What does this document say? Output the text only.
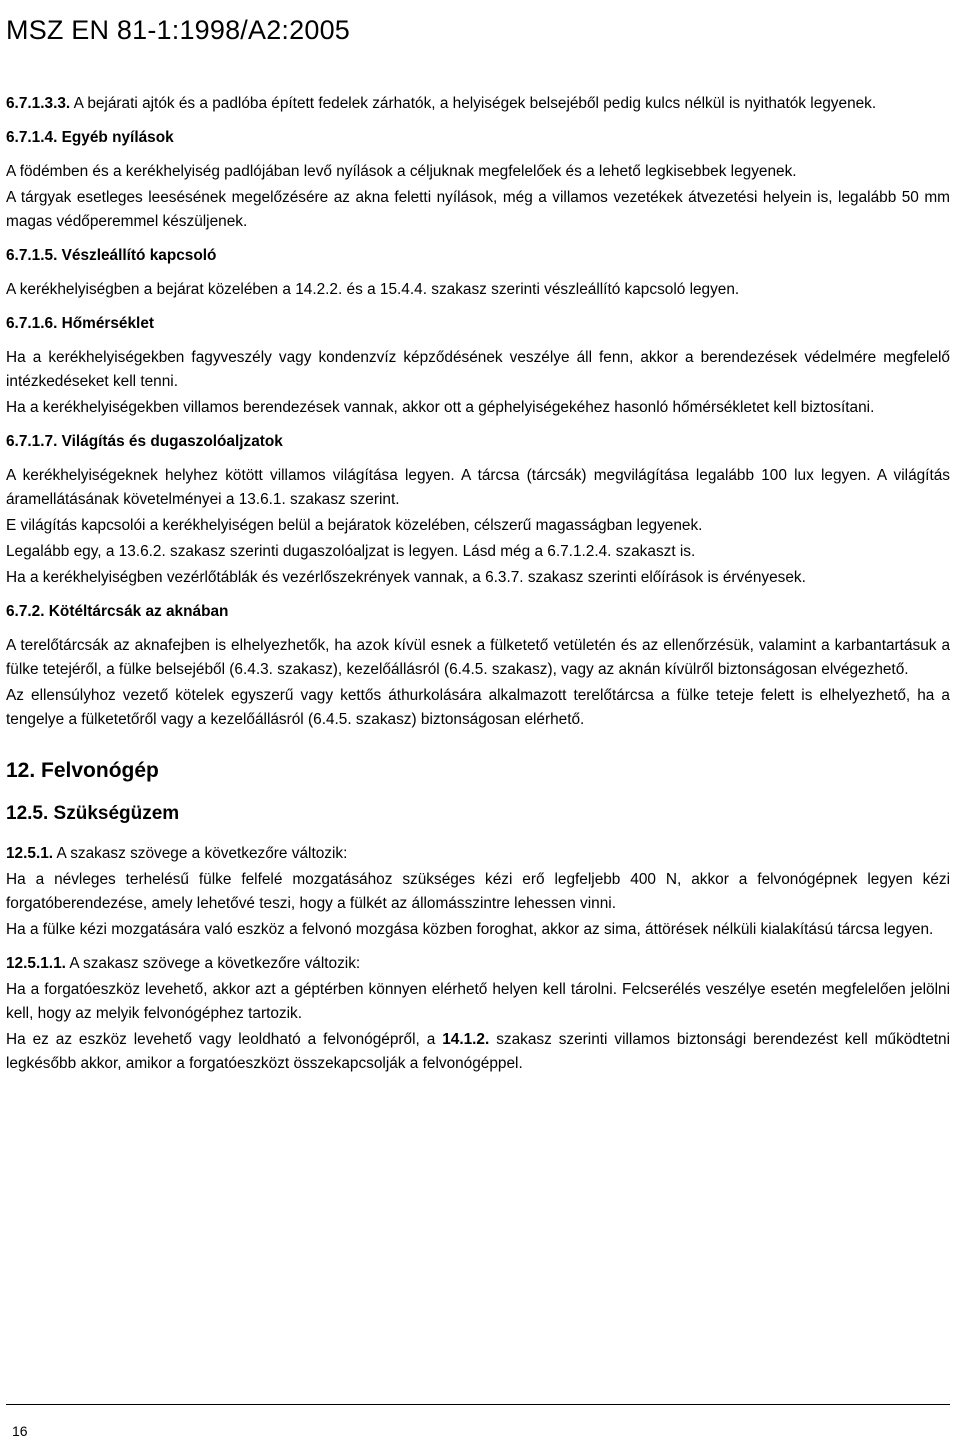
MSZ EN 81-1:1998/A2:2005

6.7.1.3.3. A bejárati ajtók és a padlóba épített fedelek zárhatók, a helyiségek belsejéből pedig kulcs nélkül is nyithatók legyenek.

6.7.1.4. Egyéb nyílások

A födémben és a kerékhelyiség padlójában levő nyílások a céljuknak megfelelőek és a lehető legkisebbek legyenek.

A tárgyak esetleges leesésének megelőzésére az akna feletti nyílások, még a villamos vezetékek átvezetési helyein is, legalább 50 mm magas védőperemmel készüljenek.

6.7.1.5. Vészleállító kapcsoló

A kerékhelyiségben a bejárat közelében a 14.2.2. és a 15.4.4. szakasz szerinti vészleállító kapcsoló legyen.

6.7.1.6. Hőmérséklet

Ha a kerékhelyiségekben fagyveszély vagy kondenzvíz képződésének veszélye áll fenn, akkor a berendezések védelmére megfelelő intézkedéseket kell tenni.

Ha a kerékhelyiségekben villamos berendezések vannak, akkor ott a géphelyiségekéhez hasonló hőmérsékletet kell biztosítani.

6.7.1.7. Világítás és dugaszolóaljzatok

A kerékhelyiségeknek helyhez kötött villamos világítása legyen. A tárcsa (tárcsák) megvilágítása legalább 100 lux legyen. A világítás áramellátásának követelményei a 13.6.1. szakasz szerint.

E világítás kapcsolói a kerékhelyiségen belül a bejáratok közelében, célszerű magasságban legyenek.

Legalább egy, a 13.6.2. szakasz szerinti dugaszolóaljzat is legyen. Lásd még a 6.7.1.2.4. szakaszt is.

Ha a kerékhelyiségben vezérlőtáblák és vezérlőszekrények vannak, a 6.3.7. szakasz szerinti előírások is érvényesek.

6.7.2. Kötéltárcsák az aknában

A terelőtárcsák az aknafejben is elhelyezhetők, ha azok kívül esnek a fülketető vetületén és az ellenőrzésük, valamint a karbantartásuk a fülke tetejéről, a fülke belsejéből (6.4.3. szakasz), kezelőállásról (6.4.5. szakasz), vagy az aknán kívülről biztonságosan elvégezhető.

Az ellensúlyhoz vezető kötelek egyszerű vagy kettős áthurkolására alkalmazott terelőtárcsa a fülke teteje felett is elhelyezhető, ha a tengelye a fülketetőről vagy a kezelőállásról (6.4.5. szakasz) biztonságosan elérhető.

12. Felvonógép
12.5. Szükségüzem

12.5.1. A szakasz szövege a következőre változik:

Ha a névleges terhelésű fülke felfelé mozgatásához szükséges kézi erő legfeljebb 400 N, akkor a felvonógépnek legyen kézi forgatóberendezése, amely lehetővé teszi, hogy a fülkét az állomásszintre lehessen vinni.

Ha a fülke kézi mozgatására való eszköz a felvonó mozgása közben foroghat, akkor az sima, áttörések nélküli kialakítású tárcsa legyen.

12.5.1.1. A szakasz szövege a következőre változik:

Ha a forgatóeszköz levehető, akkor azt a géptérben könnyen elérhető helyen kell tárolni. Felcserélés veszélye esetén megfelelően jelölni kell, hogy az melyik felvonógéphez tartozik.

Ha ez az eszköz levehető vagy leoldható a felvonógépről, a 14.1.2. szakasz szerinti villamos biztonsági berendezést kell működtetni legkésőbb akkor, amikor a forgatóeszközt összekapcsolják a felvonógéppel.

16
